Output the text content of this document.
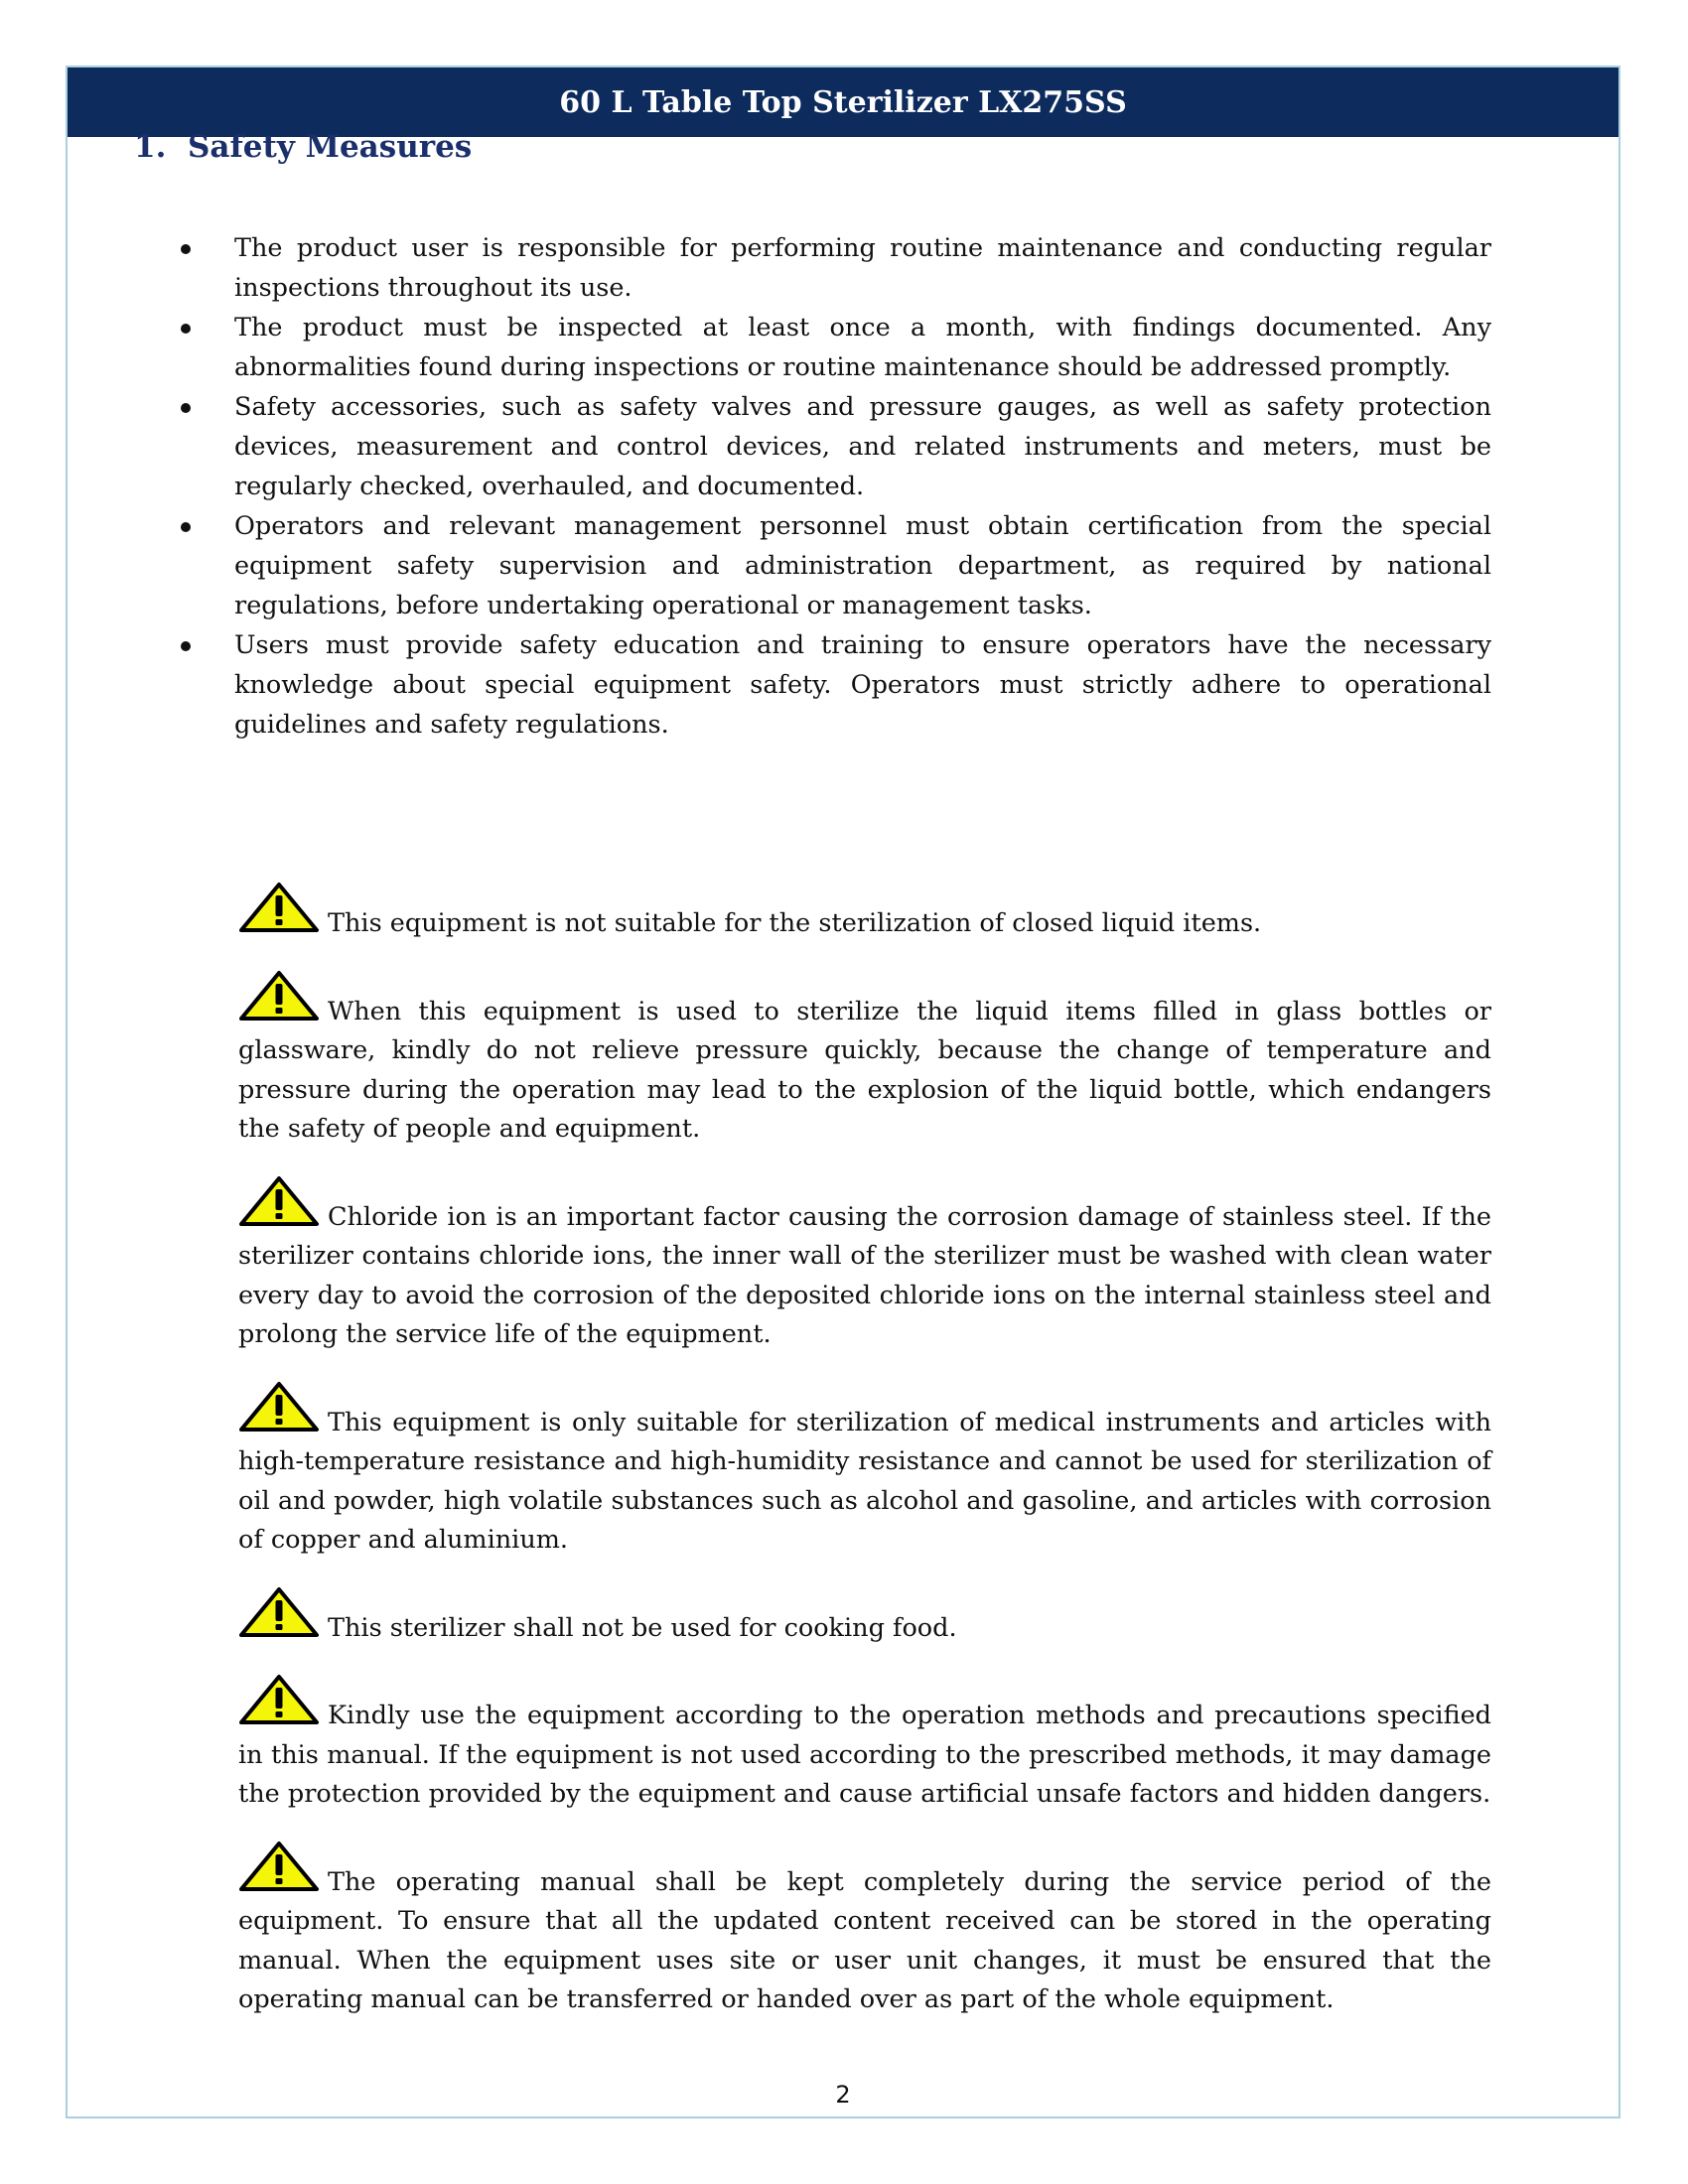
60 L Table Top Sterilizer LX275SS
2
1. Safety Measures
The product user is responsible for performing routine maintenance and conducting regular inspections throughout its use.
The product must be inspected at least once a month, with findings documented. Any abnormalities found during inspections or routine maintenance should be addressed promptly.
Safety accessories, such as safety valves and pressure gauges, as well as safety protection devices, measurement and control devices, and related instruments and meters, must be regularly checked, overhauled, and documented.
Operators and relevant management personnel must obtain certification from the special equipment safety supervision and administration department, as required by national regulations, before undertaking operational or management tasks.
Users must provide safety education and training to ensure operators have the necessary knowledge about special equipment safety. Operators must strictly adhere to operational guidelines and safety regulations.

This equipment is not suitable for the sterilization of closed liquid items.

When this equipment is used to sterilize the liquid items filled in glass bottles or glassware, kindly do not relieve pressure quickly, because the change of temperature and pressure during the operation may lead to the explosion of the liquid bottle, which endangers the safety of people and equipment.

Chloride ion is an important factor causing the corrosion damage of stainless steel. If the sterilizer contains chloride ions, the inner wall of the sterilizer must be washed with clean water every day to avoid the corrosion of the deposited chloride ions on the internal stainless steel and prolong the service life of the equipment.

This equipment is only suitable for sterilization of medical instruments and articles with high-temperature resistance and high-humidity resistance and cannot be used for sterilization of oil and powder, high volatile substances such as alcohol and gasoline, and articles with corrosion of copper and aluminium.

This sterilizer shall not be used for cooking food.

Kindly use the equipment according to the operation methods and precautions specified in this manual. If the equipment is not used according to the prescribed methods, it may damage the protection provided by the equipment and cause artificial unsafe factors and hidden dangers.

The operating manual shall be kept completely during the service period of the equipment. To ensure that all the updated content received can be stored in the operating manual. When the equipment uses site or user unit changes, it must be ensured that the operating manual can be transferred or handed over as part of the whole equipment.
